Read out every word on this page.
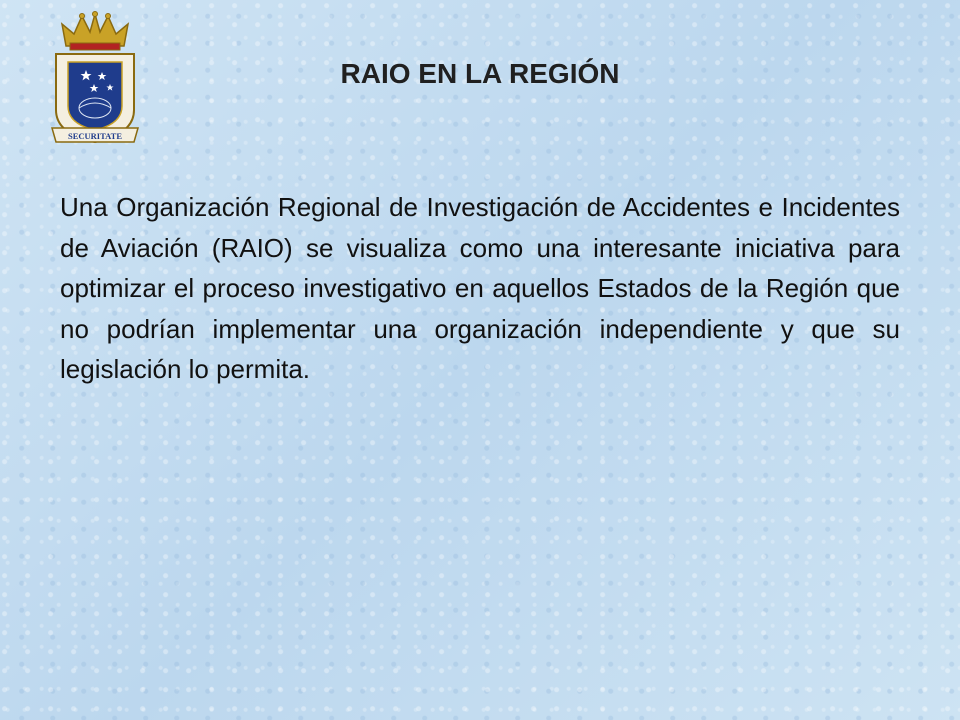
SECURITATE
RAIO EN LA REGIÓN
Una Organización Regional de Investigación de Accidentes e Incidentes de Aviación (RAIO) se visualiza como una interesante iniciativa para optimizar el proceso investigativo en aquellos Estados de la Región que no podrían implementar una organización independiente y que su legislación lo permita.
